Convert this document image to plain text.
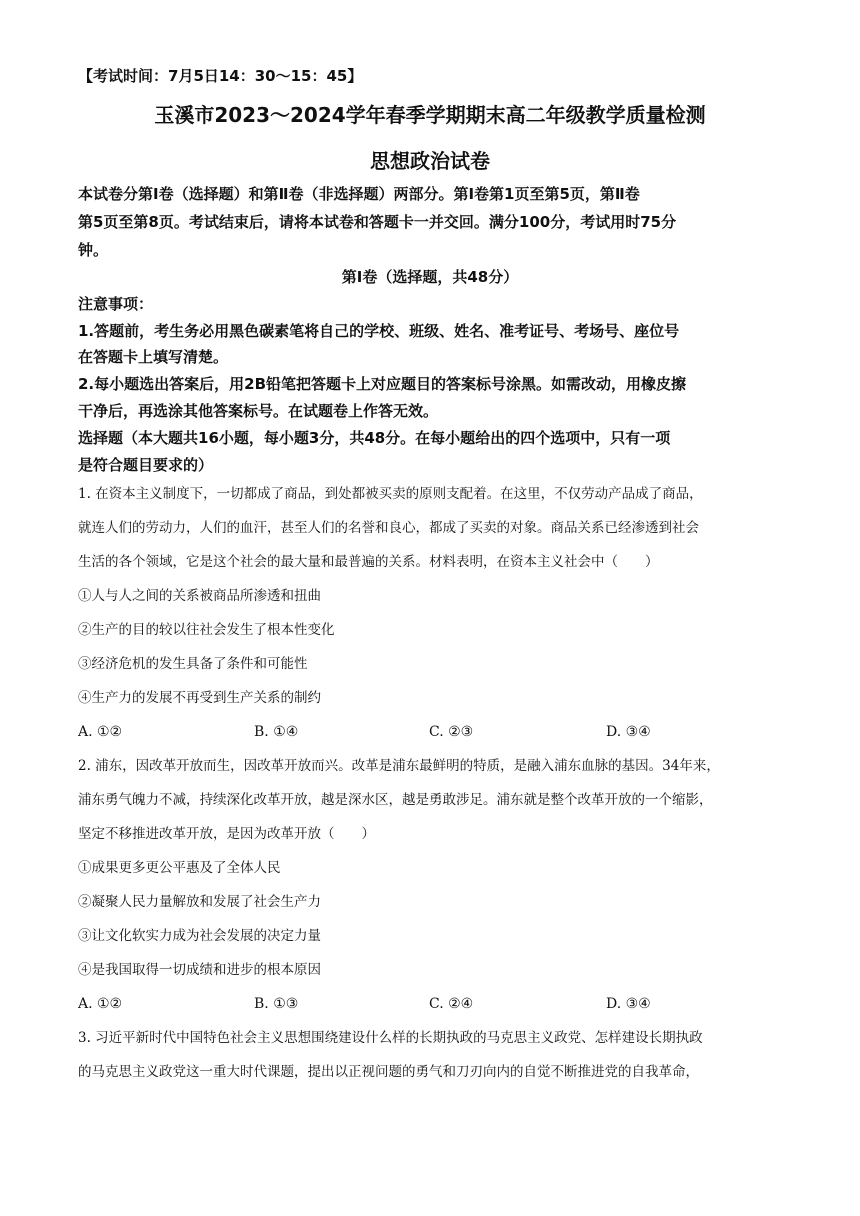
【考试时间：7月5日14：30～15：45】
玉溪市2023～2024学年春季学期期末高二年级教学质量检测
思想政治试卷
本试卷分第Ⅰ卷（选择题）和第Ⅱ卷（非选择题）两部分。第Ⅰ卷第1页至第5页，第Ⅱ卷
第5页至第8页。考试结束后，请将本试卷和答题卡一并交回。满分100分，考试用时75分
钟。
第Ⅰ卷（选择题，共48分）
注意事项：
1.答题前，考生务必用黑色碳素笔将自己的学校、班级、姓名、准考证号、考场号、座位号
在答题卡上填写清楚。
2.每小题选出答案后，用2B铅笔把答题卡上对应题目的答案标号涂黑。如需改动，用橡皮擦
干净后，再选涂其他答案标号。在试题卷上作答无效。
选择题（本大题共16小题，每小题3分，共48分。在每小题给出的四个选项中，只有一项
是符合题目要求的）
1. 在资本主义制度下，一切都成了商品，到处都被买卖的原则支配着。在这里，不仅劳动产品成了商品，
就连人们的劳动力，人们的血汗，甚至人们的名誉和良心，都成了买卖的对象。商品关系已经渗透到社会
生活的各个领域，它是这个社会的最大量和最普遍的关系。材料表明，在资本主义社会中（　　）
①人与人之间的关系被商品所渗透和扭曲
②生产的目的较以往社会发生了根本性变化
③经济危机的发生具备了条件和可能性
④生产力的发展不再受到生产关系的制约
A. ①②	B. ①④	C. ②③	D. ③④
2. 浦东，因改革开放而生，因改革开放而兴。改革是浦东最鲜明的特质，是融入浦东血脉的基因。34年来，
浦东勇气魄力不减，持续深化改革开放，越是深水区，越是勇敢涉足。浦东就是整个改革开放的一个缩影，
坚定不移推进改革开放，是因为改革开放（　　）
①成果更多更公平惠及了全体人民
②凝聚人民力量解放和发展了社会生产力
③让文化软实力成为社会发展的决定力量
④是我国取得一切成绩和进步的根本原因
A. ①②	B. ①③	C. ②④	D. ③④
3. 习近平新时代中国特色社会主义思想围绕建设什么样的长期执政的马克思主义政党、怎样建设长期执政
的马克思主义政党这一重大时代课题，提出以正视问题的勇气和刀刃向内的自觉不断推进党的自我革命，
